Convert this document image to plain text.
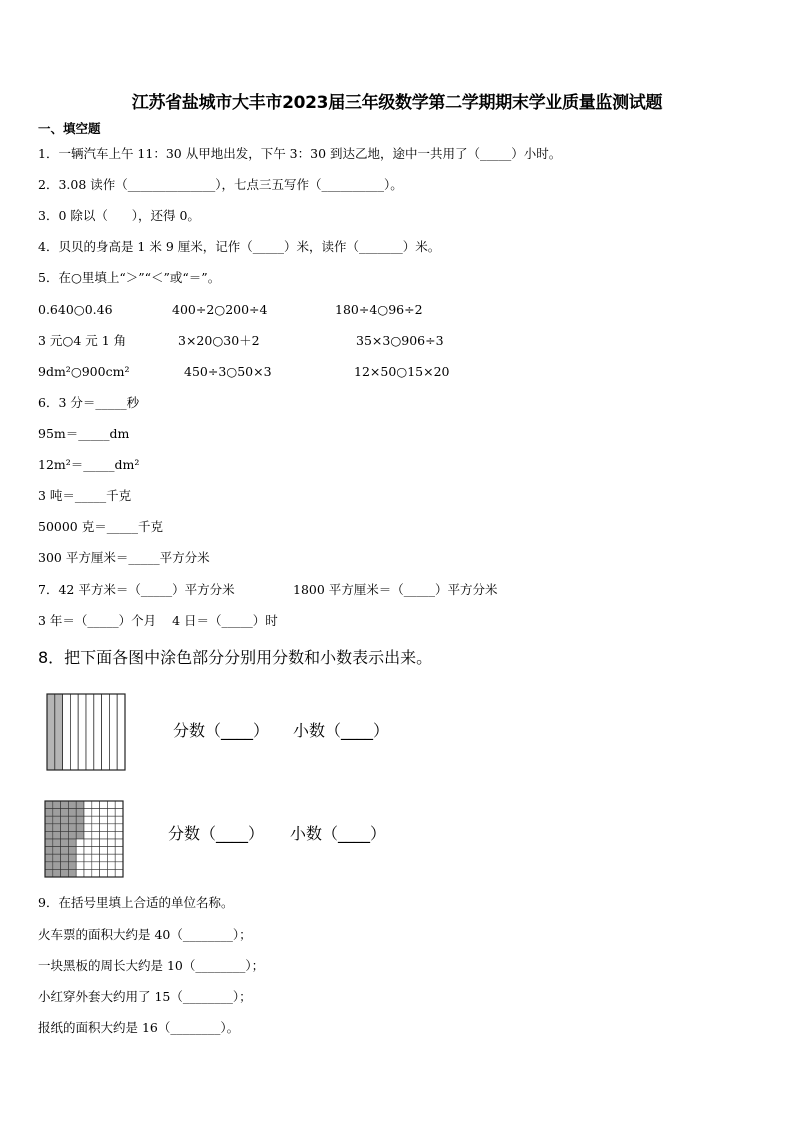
江苏省盐城市大丰市2023届三年级数学第二学期期末学业质量监测试题
一、填空题
1．一辆汽车上午 11：30 从甲地出发，下午 3：30 到达乙地，途中一共用了（_____）小时。
2．3.08 读作（______________），七点三五写作（__________）。
3．0 除以（      ），还得 0。
4．贝贝的身高是 1 米 9 厘米，记作（_____）米，读作（_______）米。
5．在○里填上“＞”“＜”或“＝”。
0.640○0.46	400÷2○200÷4	180÷4○96÷2
3 元○4 元 1 角	3×20○30＋2	35×3○906÷3
9dm²○900cm²	450÷3○50×3	12×50○15×20
6．3 分＝_____秒
95m＝_____dm
12m²＝_____dm²
3 吨＝_____千克
50000 克＝_____千克
300 平方厘米＝_____平方分米
7．42 平方米＝（_____）平方分米	1800 平方厘米＝（_____）平方分米
3 年＝（_____）个月    4 日＝（_____）时
8．把下面各图中涂色部分分别用分数和小数表示出来。
分数（____） 小数（____）
分数（____） 小数（____）
9．在括号里填上合适的单位名称。
火车票的面积大约是 40（________）；
一块黑板的周长大约是 10（________）；
小红穿外套大约用了 15（________）；
报纸的面积大约是 16（________）。
